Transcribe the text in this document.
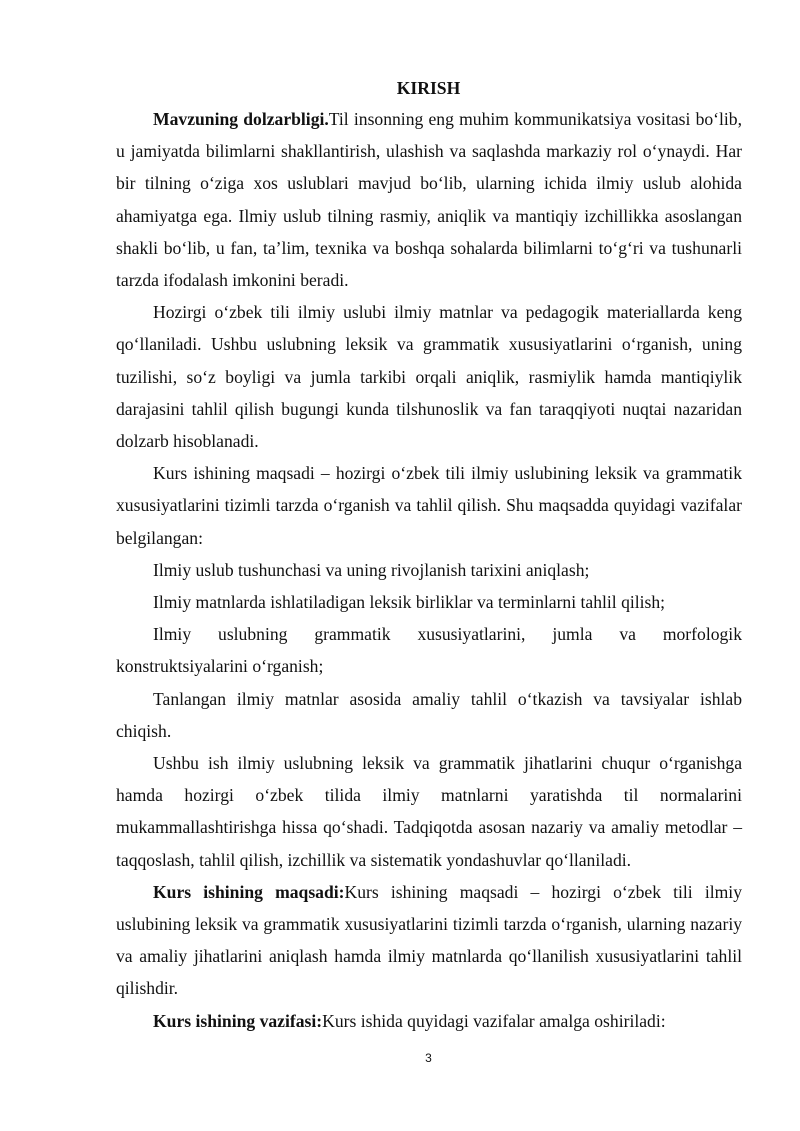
KIRISH

Mavzuning dolzarbligi.Til insonning eng muhim kommunikatsiya vositasi bo‘lib, u jamiyatda bilimlarni shakllantirish, ulashish va saqlashda markaziy rol o‘ynaydi. Har bir tilning o‘ziga xos uslublari mavjud bo‘lib, ularning ichida ilmiy uslub alohida ahamiyatga ega. Ilmiy uslub tilning rasmiy, aniqlik va mantiqiy izchillikka asoslangan shakli bo‘lib, u fan, ta’lim, texnika va boshqa sohalarda bilimlarni to‘g‘ri va tushunarli tarzda ifodalash imkonini beradi.

Hozirgi o‘zbek tili ilmiy uslubi ilmiy matnlar va pedagogik materiallarda keng qo‘llaniladi. Ushbu uslubning leksik va grammatik xususiyatlarini o‘rganish, uning tuzilishi, so‘z boyligi va jumla tarkibi orqali aniqlik, rasmiylik hamda mantiqiylik darajasini tahlil qilish bugungi kunda tilshunoslik va fan taraqqiyoti nuqtai nazaridan dolzarb hisoblanadi.

Kurs ishining maqsadi – hozirgi o‘zbek tili ilmiy uslubining leksik va grammatik xususiyatlarini tizimli tarzda o‘rganish va tahlil qilish. Shu maqsadda quyidagi vazifalar belgilangan:

Ilmiy uslub tushunchasi va uning rivojlanish tarixini aniqlash;

Ilmiy matnlarda ishlatiladigan leksik birliklar va terminlarni tahlil qilish;

Ilmiy uslubning grammatik xususiyatlarini, jumla va morfologik konstruktsiyalarini o‘rganish;

Tanlangan ilmiy matnlar asosida amaliy tahlil o‘tkazish va tavsiyalar ishlab chiqish.

Ushbu ish ilmiy uslubning leksik va grammatik jihatlarini chuqur o‘rganishga hamda hozirgi o‘zbek tilida ilmiy matnlarni yaratishda til normalarini mukammallashtirishga hissa qo‘shadi. Tadqiqotda asosan nazariy va amaliy metodlar – taqqoslash, tahlil qilish, izchillik va sistematik yondashuvlar qo‘llaniladi.

Kurs ishining maqsadi:Kurs ishining maqsadi – hozirgi o‘zbek tili ilmiy uslubining leksik va grammatik xususiyatlarini tizimli tarzda o‘rganish, ularning nazariy va amaliy jihatlarini aniqlash hamda ilmiy matnlarda qo‘llanilish xususiyatlarini tahlil qilishdir.

Kurs ishining vazifasi:Kurs ishida quyidagi vazifalar amalga oshiriladi:

3
